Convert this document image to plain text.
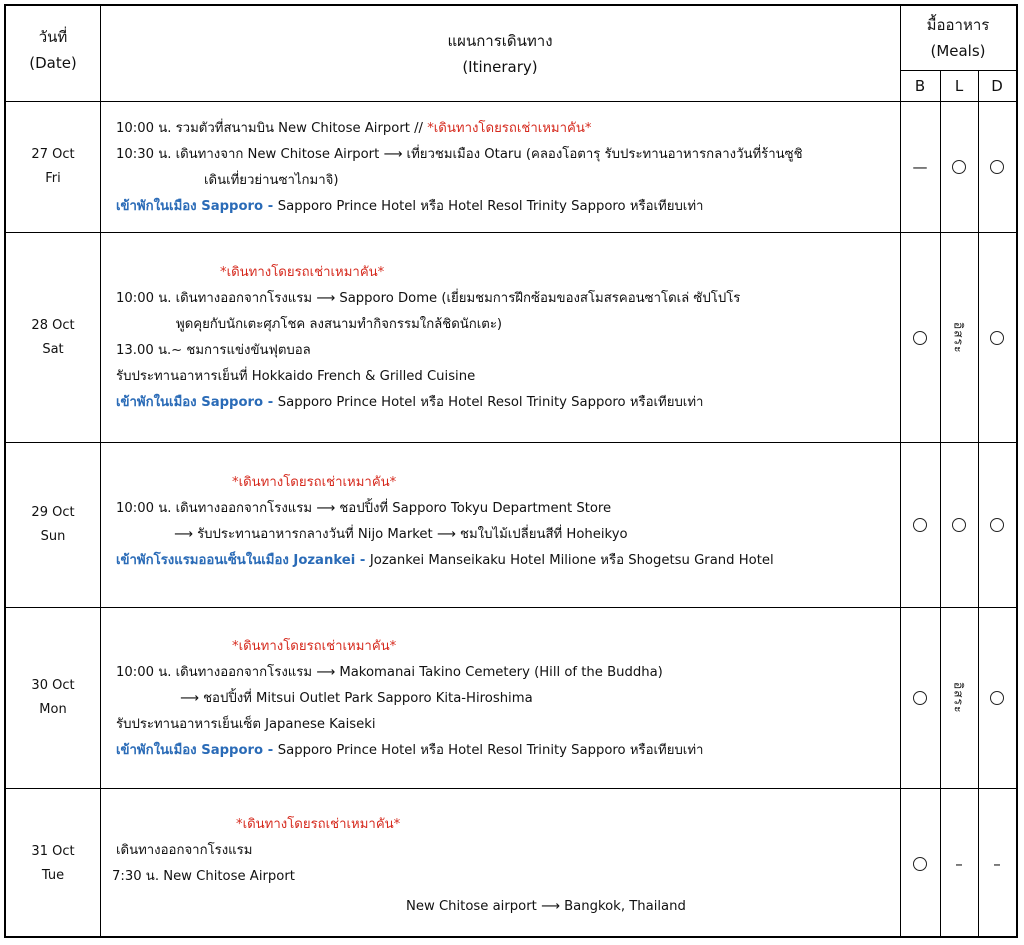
วันที่
(Date)
แผนการเดินทาง
(Itinerary)
มื้ออาหาร
(Meals)
B	L	D
27 Oct
Fri
10:00 น. รวมตัวที่สนามบิน New Chitose Airport // *เดินทางโดยรถเช่าเหมาคัน*
10:30 น. เดินทางจาก New Chitose Airport ⟶ เที่ยวชมเมือง Otaru (คลองโอตารุ รับประทานอาหารกลางวันที่ร้านซูชิ
เดินเที่ยวย่านซาไกมาจิ)
เข้าพักในเมือง Sapporo - Sapporo Prince Hotel หรือ Hotel Resol Trinity Sapporo หรือเทียบเท่า
28 Oct
Sat
*เดินทางโดยรถเช่าเหมาคัน*
10:00 น. เดินทางออกจากโรงแรม ⟶ Sapporo Dome (เยี่ยมชมการฝึกซ้อมของสโมสรคอนซาโดเล่ ซัปโปโร
พูดคุยกับนักเตะศุภโชค ลงสนามทำกิจกรรมใกล้ชิดนักเตะ)
13.00 น.~ ชมการแข่งขันฟุตบอล
รับประทานอาหารเย็นที่ Hokkaido French & Grilled Cuisine
เข้าพักในเมือง Sapporo - Sapporo Prince Hotel หรือ Hotel Resol Trinity Sapporo หรือเทียบเท่า
29 Oct
Sun
*เดินทางโดยรถเช่าเหมาคัน*
10:00 น. เดินทางออกจากโรงแรม ⟶ ชอปปิ้งที่ Sapporo Tokyu Department Store
⟶ รับประทานอาหารกลางวันที่ Nijo Market ⟶ ชมใบไม้เปลี่ยนสีที่ Hoheikyo
เข้าพักโรงแรมออนเซ็นในเมือง Jozankei - Jozankei Manseikaku Hotel Milione หรือ Shogetsu Grand Hotel
30 Oct
Mon
*เดินทางโดยรถเช่าเหมาคัน*
10:00 น. เดินทางออกจากโรงแรม ⟶ Makomanai Takino Cemetery (Hill of the Buddha)
⟶ ชอปปิ้งที่ Mitsui Outlet Park Sapporo Kita-Hiroshima
รับประทานอาหารเย็นเซ็ต Japanese Kaiseki
เข้าพักในเมือง Sapporo - Sapporo Prince Hotel หรือ Hotel Resol Trinity Sapporo หรือเทียบเท่า
31 Oct
Tue
*เดินทางโดยรถเช่าเหมาคัน*
เดินทางออกจากโรงแรม
7:30 น. New Chitose Airport
New Chitose airport ⟶ Bangkok, Thailand
—
อิสระ
อิสระ
– –
